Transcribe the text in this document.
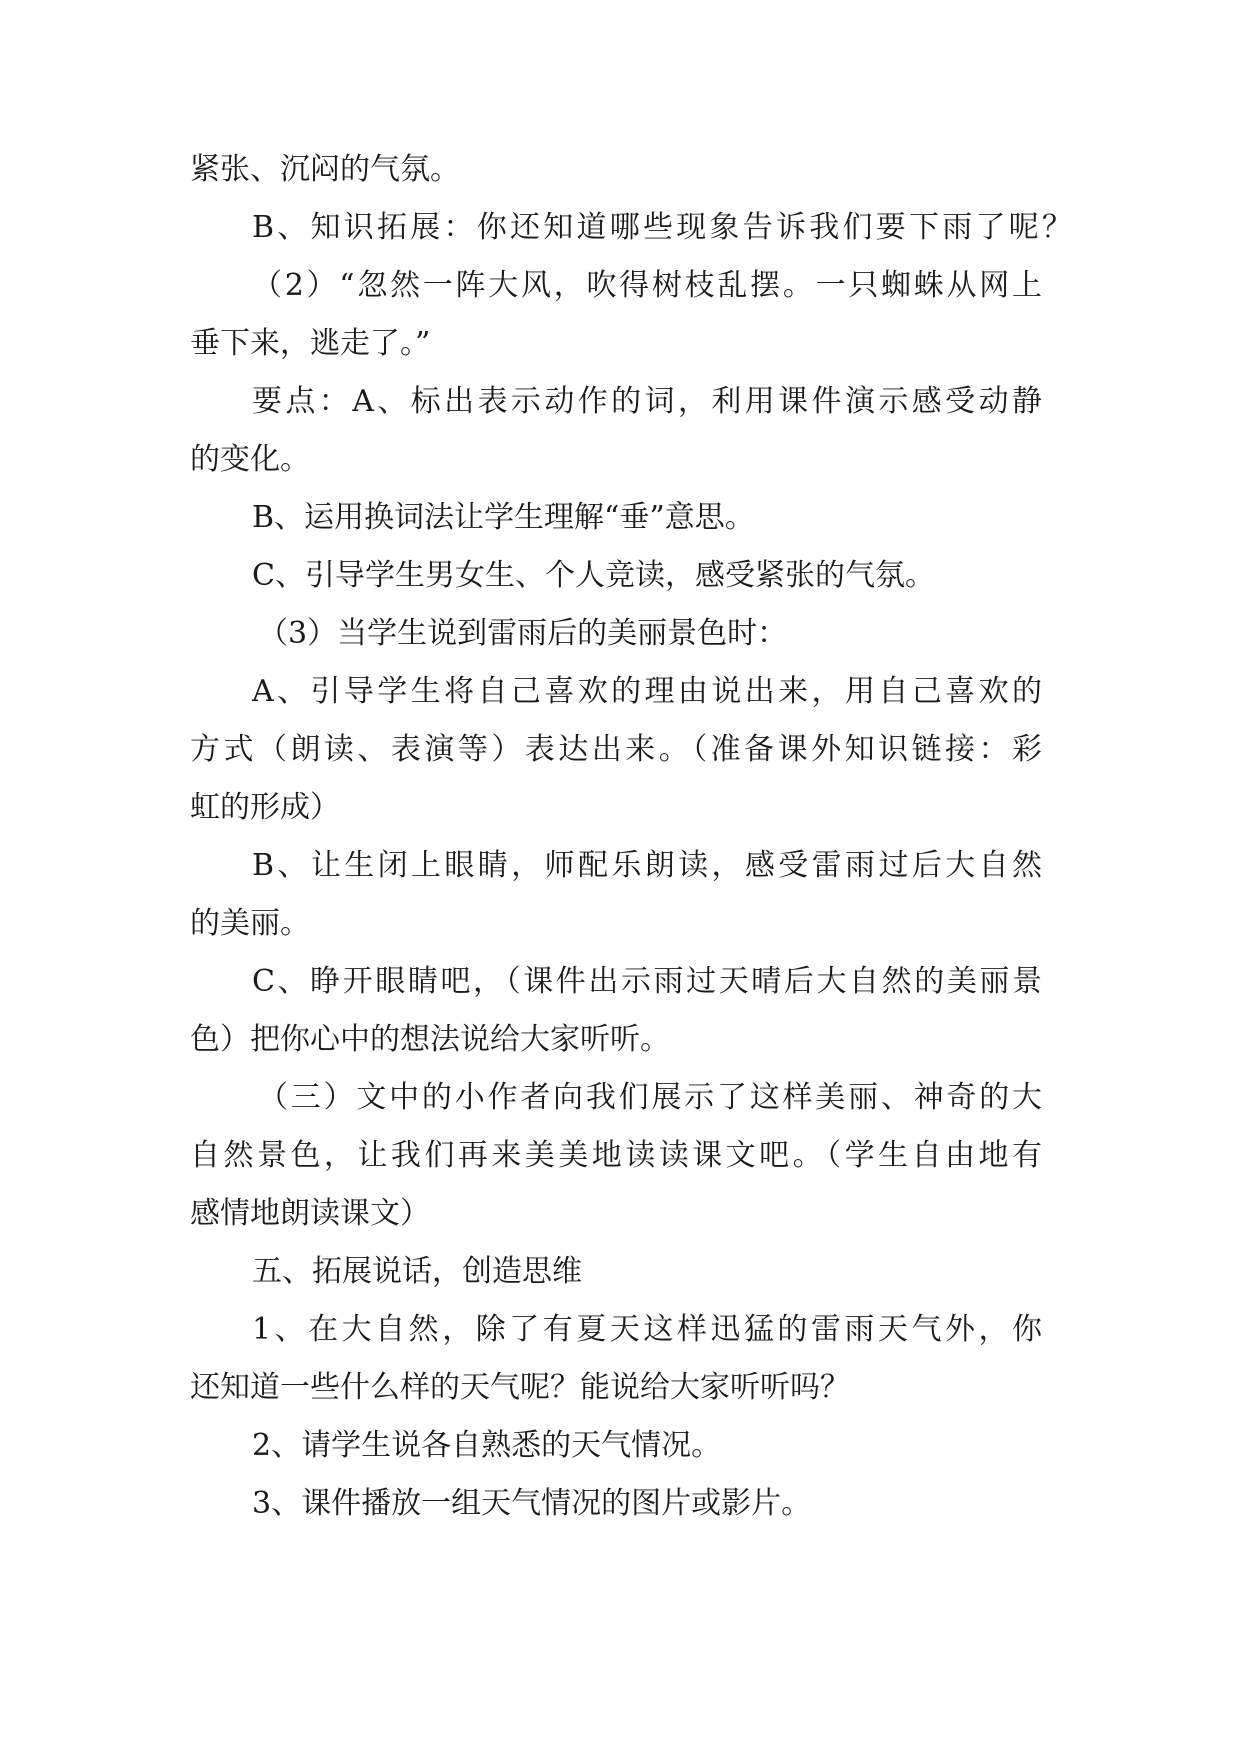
紧张、沉闷的气氛。
B、知识拓展：你还知道哪些现象告诉我们要下雨了呢？
（2）“忽然一阵大风，吹得树枝乱摆。一只蜘蛛从网上
垂下来，逃走了。”
要点：A、标出表示动作的词，利用课件演示感受动静
的变化。
B、运用换词法让学生理解“垂”意思。
C、引导学生男女生、个人竞读，感受紧张的气氛。
（3）当学生说到雷雨后的美丽景色时：
A、引导学生将自己喜欢的理由说出来，用自己喜欢的
方式（朗读、表演等）表达出来。（准备课外知识链接：彩
虹的形成）
B、让生闭上眼睛，师配乐朗读，感受雷雨过后大自然
的美丽。
C、睁开眼睛吧，（课件出示雨过天晴后大自然的美丽景
色）把你心中的想法说给大家听听。
（三）文中的小作者向我们展示了这样美丽、神奇的大
自然景色，让我们再来美美地读读课文吧。（学生自由地有
感情地朗读课文）
五、拓展说话，创造思维
1、在大自然，除了有夏天这样迅猛的雷雨天气外，你
还知道一些什么样的天气呢？能说给大家听听吗？
2、请学生说各自熟悉的天气情况。
3、课件播放一组天气情况的图片或影片。
